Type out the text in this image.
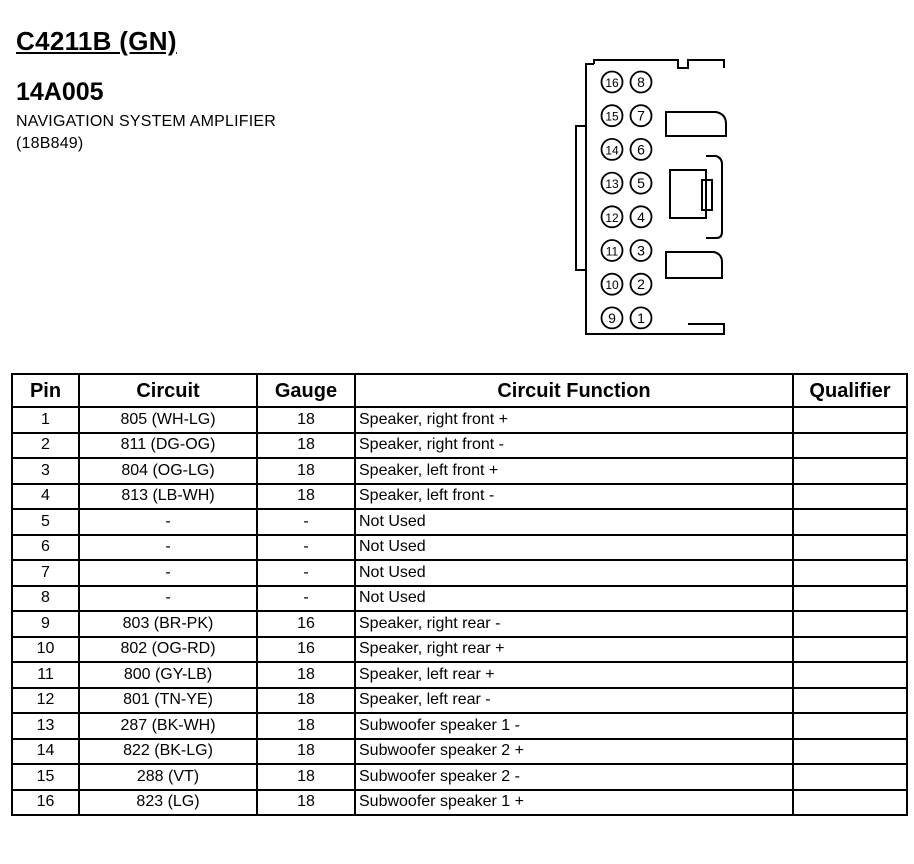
C4211B (GN)
14A005
NAVIGATION SYSTEM AMPLIFIER
(18B849)
16
15
14
13
12
11
10
9
8
7
6
5
4
3
2
1
Pin	Circuit	Gauge	Circuit Function	Qualifier
1	805 (WH-LG)	18	Speaker, right front +	
2	811 (DG-OG)	18	Speaker, right front -	
3	804 (OG-LG)	18	Speaker, left front +	
4	813 (LB-WH)	18	Speaker, left front -	
5	-	-	Not Used	
6	-	-	Not Used	
7	-	-	Not Used	
8	-	-	Not Used	
9	803 (BR-PK)	16	Speaker, right rear -	
10	802 (OG-RD)	16	Speaker, right rear +	
11	800 (GY-LB)	18	Speaker, left rear +	
12	801 (TN-YE)	18	Speaker, left rear -	
13	287 (BK-WH)	18	Subwoofer speaker 1 -	
14	822 (BK-LG)	18	Subwoofer speaker 2 +	
15	288 (VT)	18	Subwoofer speaker 2 -	
16	823 (LG)	18	Subwoofer speaker 1 +	
